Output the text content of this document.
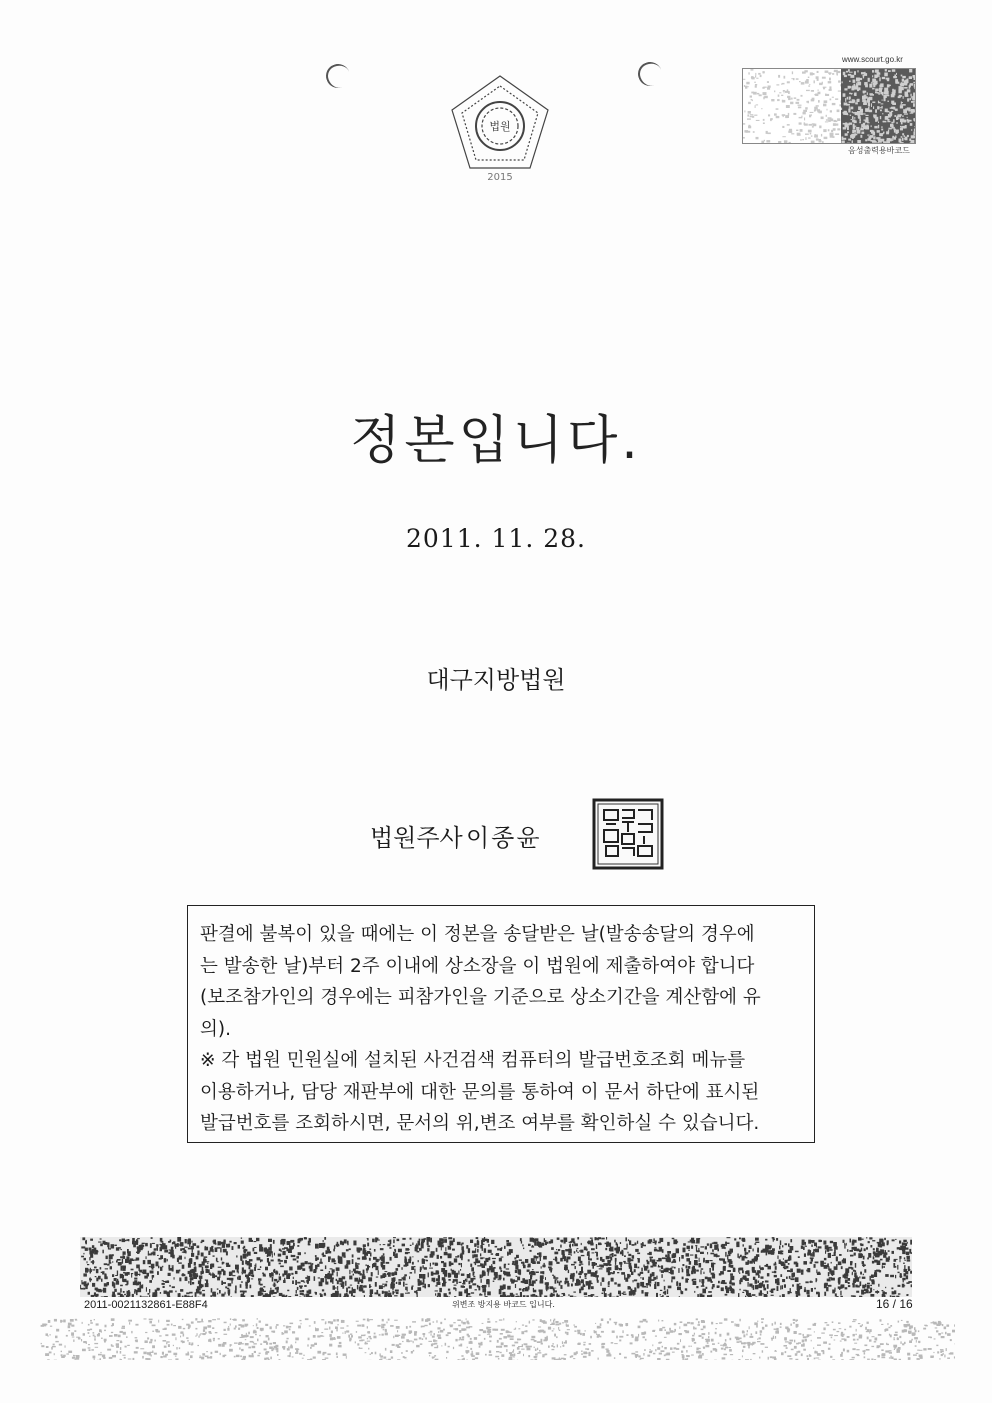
법원
2015
www.scourt.go.kr
음성출력용바코드
정본입니다.
2011. 11. 28.
대구지방법원
법원주사 이종윤

판결에 불복이 있을 때에는 이 정본을 송달받은 날(발송송달의 경우에

는 발송한 날)부터 2주 이내에 상소장을 이 법원에 제출하여야 합니다

(보조참가인의 경우에는 피참가인을 기준으로 상소기간을 계산함에 유

의).

※ 각 법원 민원실에 설치된 사건검색 컴퓨터의 발급번호조회 메뉴를

이용하거나, 담당 재판부에 대한 문의를 통하여 이 문서 하단에 표시된

발급번호를 조회하시면, 문서의 위,변조 여부를 확인하실 수 있습니다.

2011-0021132861-E88F4	위변조 방지용 바코드 입니다.	16 / 16
